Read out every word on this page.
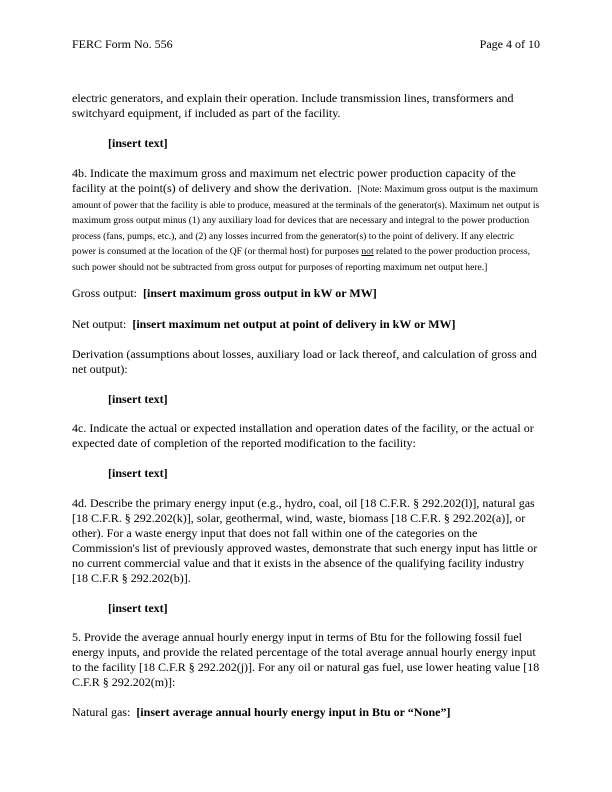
FERC Form No. 556	Page 4 of 10
electric generators, and explain their operation. Include transmission lines, transformers and switchyard equipment, if included as part of the facility.
[insert text]
4b. Indicate the maximum gross and maximum net electric power production capacity of the facility at the point(s) of delivery and show the derivation. [Note: Maximum gross output is the maximum amount of power that the facility is able to produce, measured at the terminals of the generator(s). Maximum net output is maximum gross output minus (1) any auxiliary load for devices that are necessary and integral to the power production process (fans, pumps, etc.), and (2) any losses incurred from the generator(s) to the point of delivery. If any electric power is consumed at the location of the QF (or thermal host) for purposes not related to the power production process, such power should not be subtracted from gross output for purposes of reporting maximum net output here.]
Gross output: [insert maximum gross output in kW or MW]
Net output: [insert maximum net output at point of delivery in kW or MW]
Derivation (assumptions about losses, auxiliary load or lack thereof, and calculation of gross and net output):
[insert text]
4c. Indicate the actual or expected installation and operation dates of the facility, or the actual or expected date of completion of the reported modification to the facility:
[insert text]
4d. Describe the primary energy input (e.g., hydro, coal, oil [18 C.F.R. § 292.202(l)], natural gas [18 C.F.R. § 292.202(k)], solar, geothermal, wind, waste, biomass [18 C.F.R. § 292.202(a)], or other). For a waste energy input that does not fall within one of the categories on the Commission's list of previously approved wastes, demonstrate that such energy input has little or no current commercial value and that it exists in the absence of the qualifying facility industry [18 C.F.R § 292.202(b)].
[insert text]
5. Provide the average annual hourly energy input in terms of Btu for the following fossil fuel energy inputs, and provide the related percentage of the total average annual hourly energy input to the facility [18 C.F.R § 292.202(j)]. For any oil or natural gas fuel, use lower heating value [18 C.F.R § 292.202(m)]:
Natural gas: [insert average annual hourly energy input in Btu or “None”]
